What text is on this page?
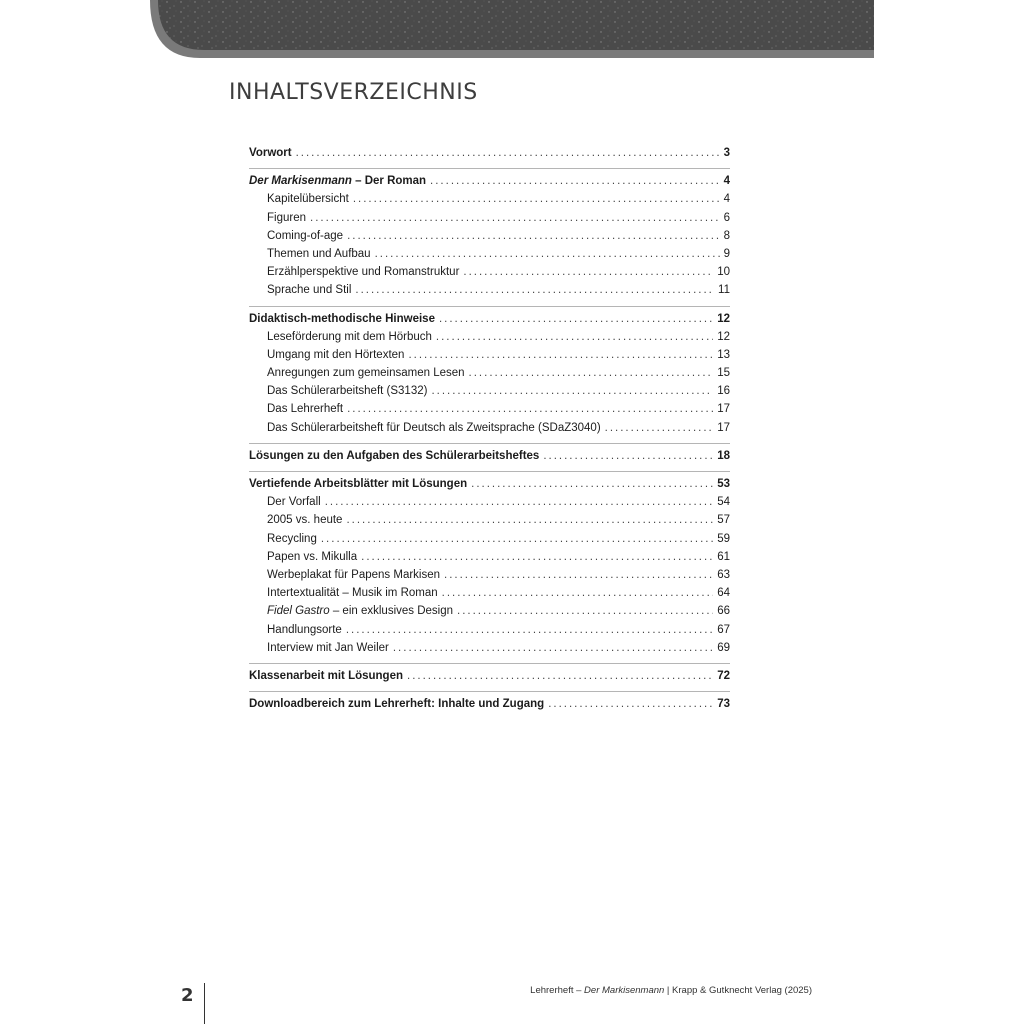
INHALTSVERZEICHNIS
Vorwort .....	3
Der Markisenmann – Der Roman .....	4
Kapitelübersicht .....	4
Figuren .....	6
Coming-of-age .....	8
Themen und Aufbau .....	9
Erzählperspektive und Romanstruktur .....	10
Sprache und Stil .....	11
Didaktisch-methodische Hinweise .....	12
Leseförderung mit dem Hörbuch .....	12
Umgang mit den Hörtexten .....	13
Anregungen zum gemeinsamen Lesen .....	15
Das Schülerarbeitsheft (S3132) .....	16
Das Lehrerheft .....	17
Das Schülerarbeitsheft für Deutsch als Zweitsprache (SDaZ3040) .....	17
Lösungen zu den Aufgaben des Schülerarbeitsheftes .....	18
Vertiefende Arbeitsblätter mit Lösungen .....	53
Der Vorfall .....	54
2005 vs. heute .....	57
Recycling .....	59
Papen vs. Mikulla .....	61
Werbeplakat für Papens Markisen .....	63
Intertextualität – Musik im Roman .....	64
Fidel Gastro – ein exklusives Design .....	66
Handlungsorte .....	67
Interview mit Jan Weiler .....	69
Klassenarbeit mit Lösungen .....	72
Downloadbereich zum Lehrerheft: Inhalte und Zugang .....	73
2	Lehrerheft – Der Markisenmann | Krapp & Gutknecht Verlag (2025)
